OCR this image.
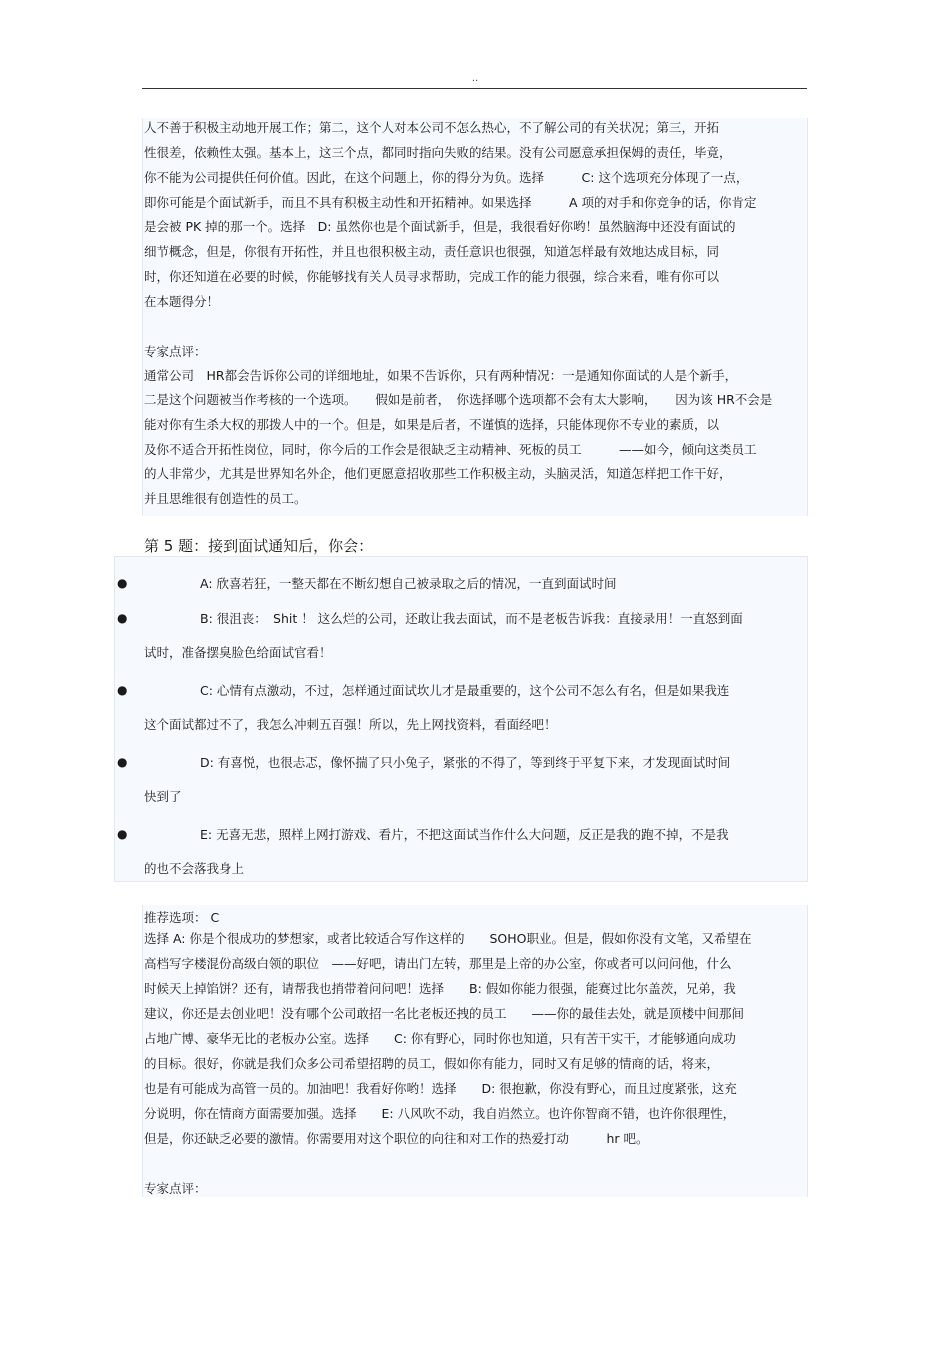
..
人不善于积极主动地开展工作；第二，这个人对本公司不怎么热心，不了解公司的有关状况；第三，开拓
性很差，依赖性太强。基本上，这三个点，都同时指向失败的结果。没有公司愿意承担保姆的责任，毕竟，
你不能为公司提供任何价值。因此，在这个问题上，你的得分为负。选择　　　C: 这个选项充分体现了一点，
即你可能是个面试新手，而且不具有积极主动性和开拓精神。如果选择　　　A 项的对手和你竞争的话，你肯定
是会被 PK 掉的那一个。选择　D: 虽然你也是个面试新手，但是，我很看好你哟！虽然脑海中还没有面试的
细节概念，但是，你很有开拓性，并且也很积极主动，责任意识也很强，知道怎样最有效地达成目标，同
时，你还知道在必要的时候，你能够找有关人员寻求帮助，完成工作的能力很强，综合来看，唯有你可以
在本题得分！
专家点评：
通常公司　HR都会告诉你公司的详细地址，如果不告诉你，只有两种情况：一是通知你面试的人是个新手，
二是这个问题被当作考核的一个选项。　　假如是前者，　你选择哪个选项都不会有太大影响，　　因为该 HR不会是
能对你有生杀大权的那拨人中的一个。但是，如果是后者，不谨慎的选择，只能体现你不专业的素质，以
及你不适合开拓性岗位，同时，你今后的工作会是很缺乏主动精神、死板的员工　　　——如今，倾向这类员工
的人非常少，尤其是世界知名外企，他们更愿意招收那些工作积极主动，头脑灵活，知道怎样把工作干好，
并且思维很有创造性的员工。
第 5 题：接到面试通知后，你会：
●	A: 欣喜若狂，一整天都在不断幻想自己被录取之后的情况，一直到面试时间
●	B: 很沮丧：　Shit ！ 这么烂的公司，还敢让我去面试，而不是老板告诉我：直接录用！一直怒到面
试时，准备摆臭脸色给面试官看！
●	C: 心情有点激动，不过，怎样通过面试坎儿才是最重要的，这个公司不怎么有名，但是如果我连
这个面试都过不了，我怎么冲刺五百强！所以，先上网找资料，看面经吧！
●	D: 有喜悦，也很忐忑，像怀揣了只小兔子，紧张的不得了，等到终于平复下来，才发现面试时间
快到了
●	E: 无喜无悲，照样上网打游戏、看片，不把这面试当作什么大问题，反正是我的跑不掉，不是我
的也不会落我身上
推荐选项： C
选择 A: 你是个很成功的梦想家，或者比较适合写作这样的　　SOHO职业。但是，假如你没有文笔，又希望在
高档写字楼混份高级白领的职位　——好吧，请出门左转，那里是上帝的办公室，你或者可以问问他，什么
时候天上掉馅饼？还有，请帮我也捎带着问问吧！选择　　B: 假如你能力很强，能赛过比尔盖茨，兄弟，我
建议，你还是去创业吧！没有哪个公司敢招一名比老板还拽的员工　　——你的最佳去处，就是顶楼中间那间
占地广博、豪华无比的老板办公室。选择　　C: 你有野心，同时你也知道，只有苦干实干，才能够通向成功
的目标。很好，你就是我们众多公司希望招聘的员工，假如你有能力，同时又有足够的情商的话，将来，
也是有可能成为高管一员的。加油吧！我看好你哟！选择　　D: 很抱歉，你没有野心，而且过度紧张，这充
分说明，你在情商方面需要加强。选择　　E: 八风吹不动，我自岿然立。也许你智商不错，也许你很理性，
但是，你还缺乏必要的激情。你需要用对这个职位的向往和对工作的热爱打动　　　hr 吧。
专家点评：
